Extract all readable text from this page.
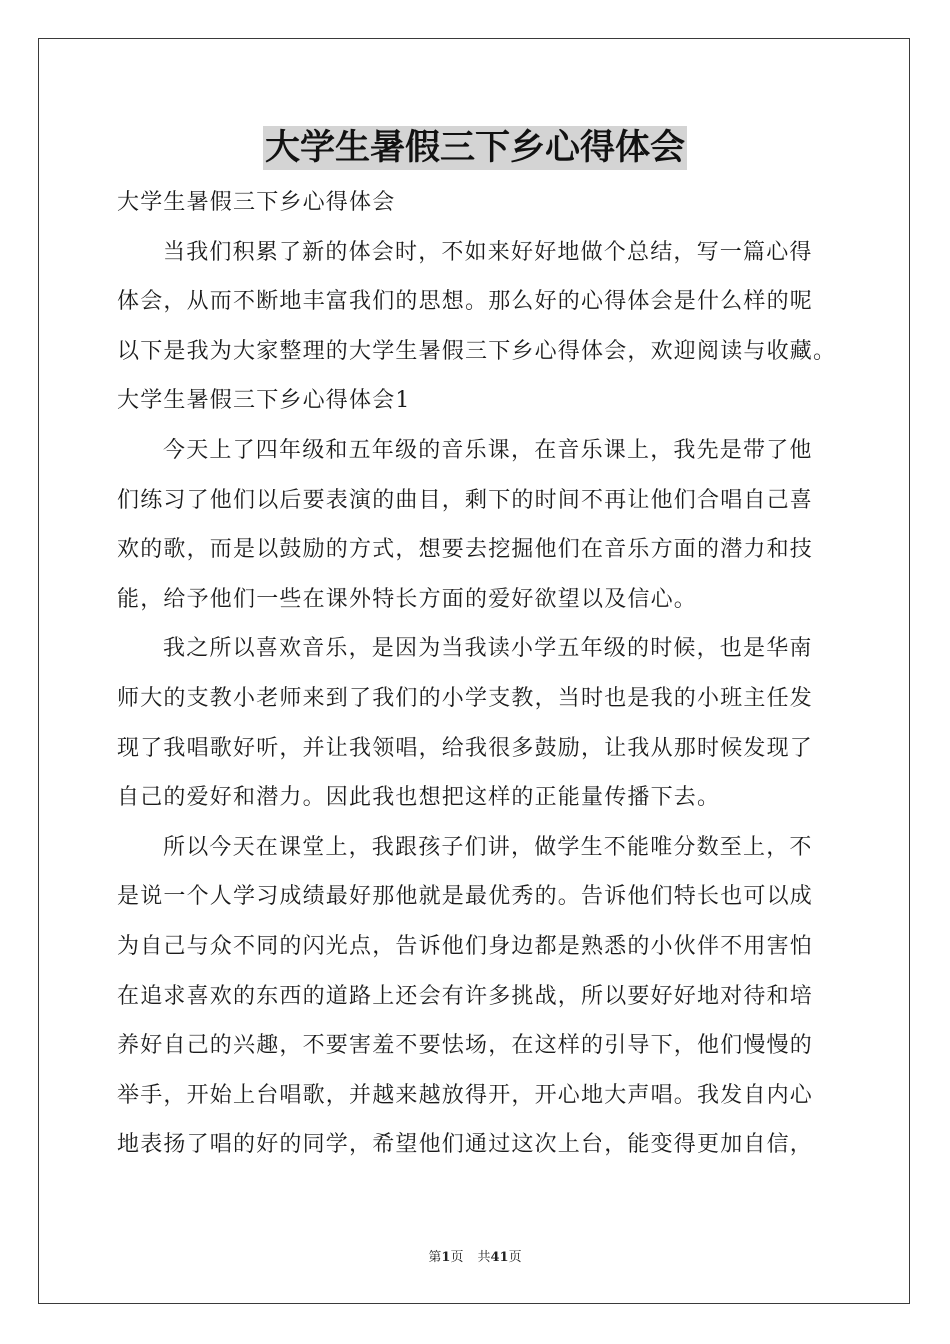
大学生暑假三下乡心得体会
大学生暑假三下乡心得体会
当我们积累了新的体会时，不如来好好地做个总结，写一篇心得
体会，从而不断地丰富我们的思想。那么好的心得体会是什么样的呢
以下是我为大家整理的大学生暑假三下乡心得体会，欢迎阅读与收藏。
大学生暑假三下乡心得体会1
今天上了四年级和五年级的音乐课，在音乐课上，我先是带了他
们练习了他们以后要表演的曲目，剩下的时间不再让他们合唱自己喜
欢的歌，而是以鼓励的方式，想要去挖掘他们在音乐方面的潜力和技
能，给予他们一些在课外特长方面的爱好欲望以及信心。
我之所以喜欢音乐，是因为当我读小学五年级的时候，也是华南
师大的支教小老师来到了我们的小学支教，当时也是我的小班主任发
现了我唱歌好听，并让我领唱，给我很多鼓励，让我从那时候发现了
自己的爱好和潜力。因此我也想把这样的正能量传播下去。
所以今天在课堂上，我跟孩子们讲，做学生不能唯分数至上，不
是说一个人学习成绩最好那他就是最优秀的。告诉他们特长也可以成
为自己与众不同的闪光点，告诉他们身边都是熟悉的小伙伴不用害怕
在追求喜欢的东西的道路上还会有许多挑战，所以要好好地对待和培
养好自己的兴趣，不要害羞不要怯场，在这样的引导下，他们慢慢的
举手，开始上台唱歌，并越来越放得开，开心地大声唱。我发自内心
地表扬了唱的好的同学，希望他们通过这次上台，能变得更加自信，
第1页 共41页
